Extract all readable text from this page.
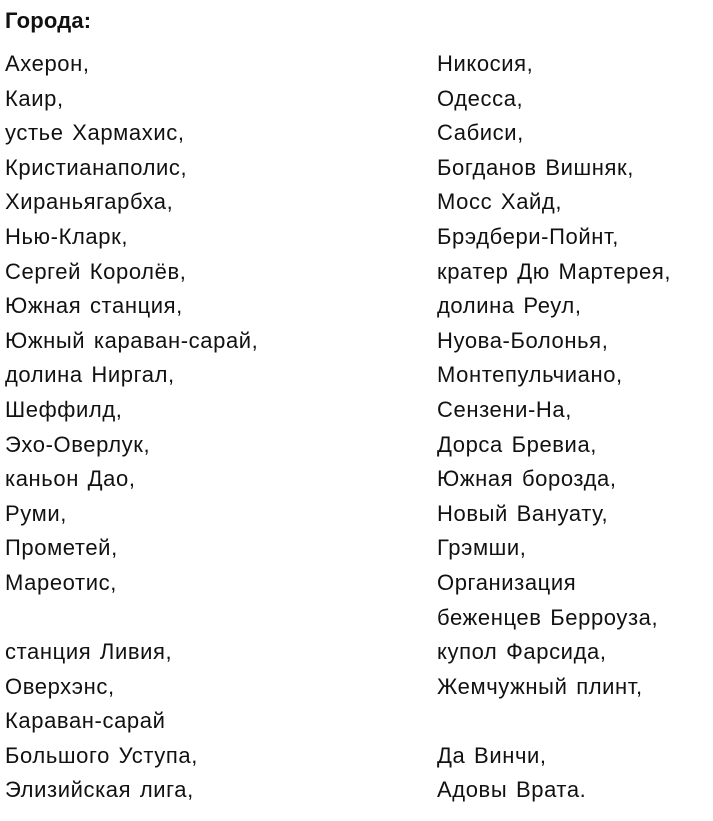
Города:
Ахерон,
Каир,
устье Хармахис,
Кристианаполис,
Хираньягарбха,
Нью-Кларк,
Сергей Королёв,
Южная станция,
Южный караван-сарай,
долина Ниргал,
Шеффилд,
Эхо-Оверлук,
каньон Дао,
Руми,
Прометей,
Мареотис,
станция Ливия,
Оверхэнс,
Караван-сарай
Большого Уступа,
Элизийская лига,
Никосия,
Одесса,
Сабиси,
Богданов Вишняк,
Мосс Хайд,
Брэдбери-Пойнт,
кратер Дю Мартерея,
долина Реул,
Нуова-Болонья,
Монтепульчиано,
Сензени-На,
Дорса Бревиа,
Южная борозда,
Новый Вануату,
Грэмши,
Организация
беженцев Берроуза,
купол Фарсида,
Жемчужный плинт,
Да Винчи,
Адовы Врата.
